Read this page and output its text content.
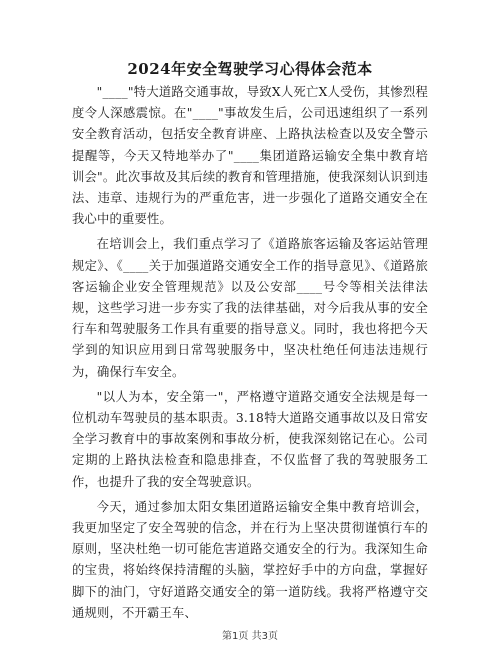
2024年安全驾驶学习心得体会范本

"____"特大道路交通事故，导致X人死亡X人受伤，其惨烈程度令人深感震惊。在"____"事故发生后，公司迅速组织了一系列安全教育活动，包括安全教育讲座、上路执法检查以及安全警示提醒等，今天又特地举办了"____集团道路运输安全集中教育培训会"。此次事故及其后续的教育和管理措施，使我深刻认识到违法、违章、违规行为的严重危害，进一步强化了道路交通安全在我心中的重要性。

在培训会上，我们重点学习了《道路旅客运输及客运站管理规定》、《____关于加强道路交通安全工作的指导意见》、《道路旅客运输企业安全管理规范》以及公安部____号令等相关法律法规，这些学习进一步夯实了我的法律基础，对今后我从事的安全行车和驾驶服务工作具有重要的指导意义。同时，我也将把今天学到的知识应用到日常驾驶服务中，坚决杜绝任何违法违规行为，确保行车安全。

"以人为本，安全第一"，严格遵守道路交通安全法规是每一位机动车驾驶员的基本职责。3.18特大道路交通事故以及日常安全学习教育中的事故案例和事故分析，使我深刻铭记在心。公司定期的上路执法检查和隐患排查，不仅监督了我的驾驶服务工作，也提升了我的安全驾驶意识。

今天，通过参加太阳女集团道路运输安全集中教育培训会，我更加坚定了安全驾驶的信念，并在行为上坚决贯彻谨慎行车的原则，坚决杜绝一切可能危害道路交通安全的行为。我深知生命的宝贵，将始终保持清醒的头脑，掌控好手中的方向盘，掌握好脚下的油门，守好道路交通安全的第一道防线。我将严格遵守交通规则，不开霸王车、

第1页 共3页
